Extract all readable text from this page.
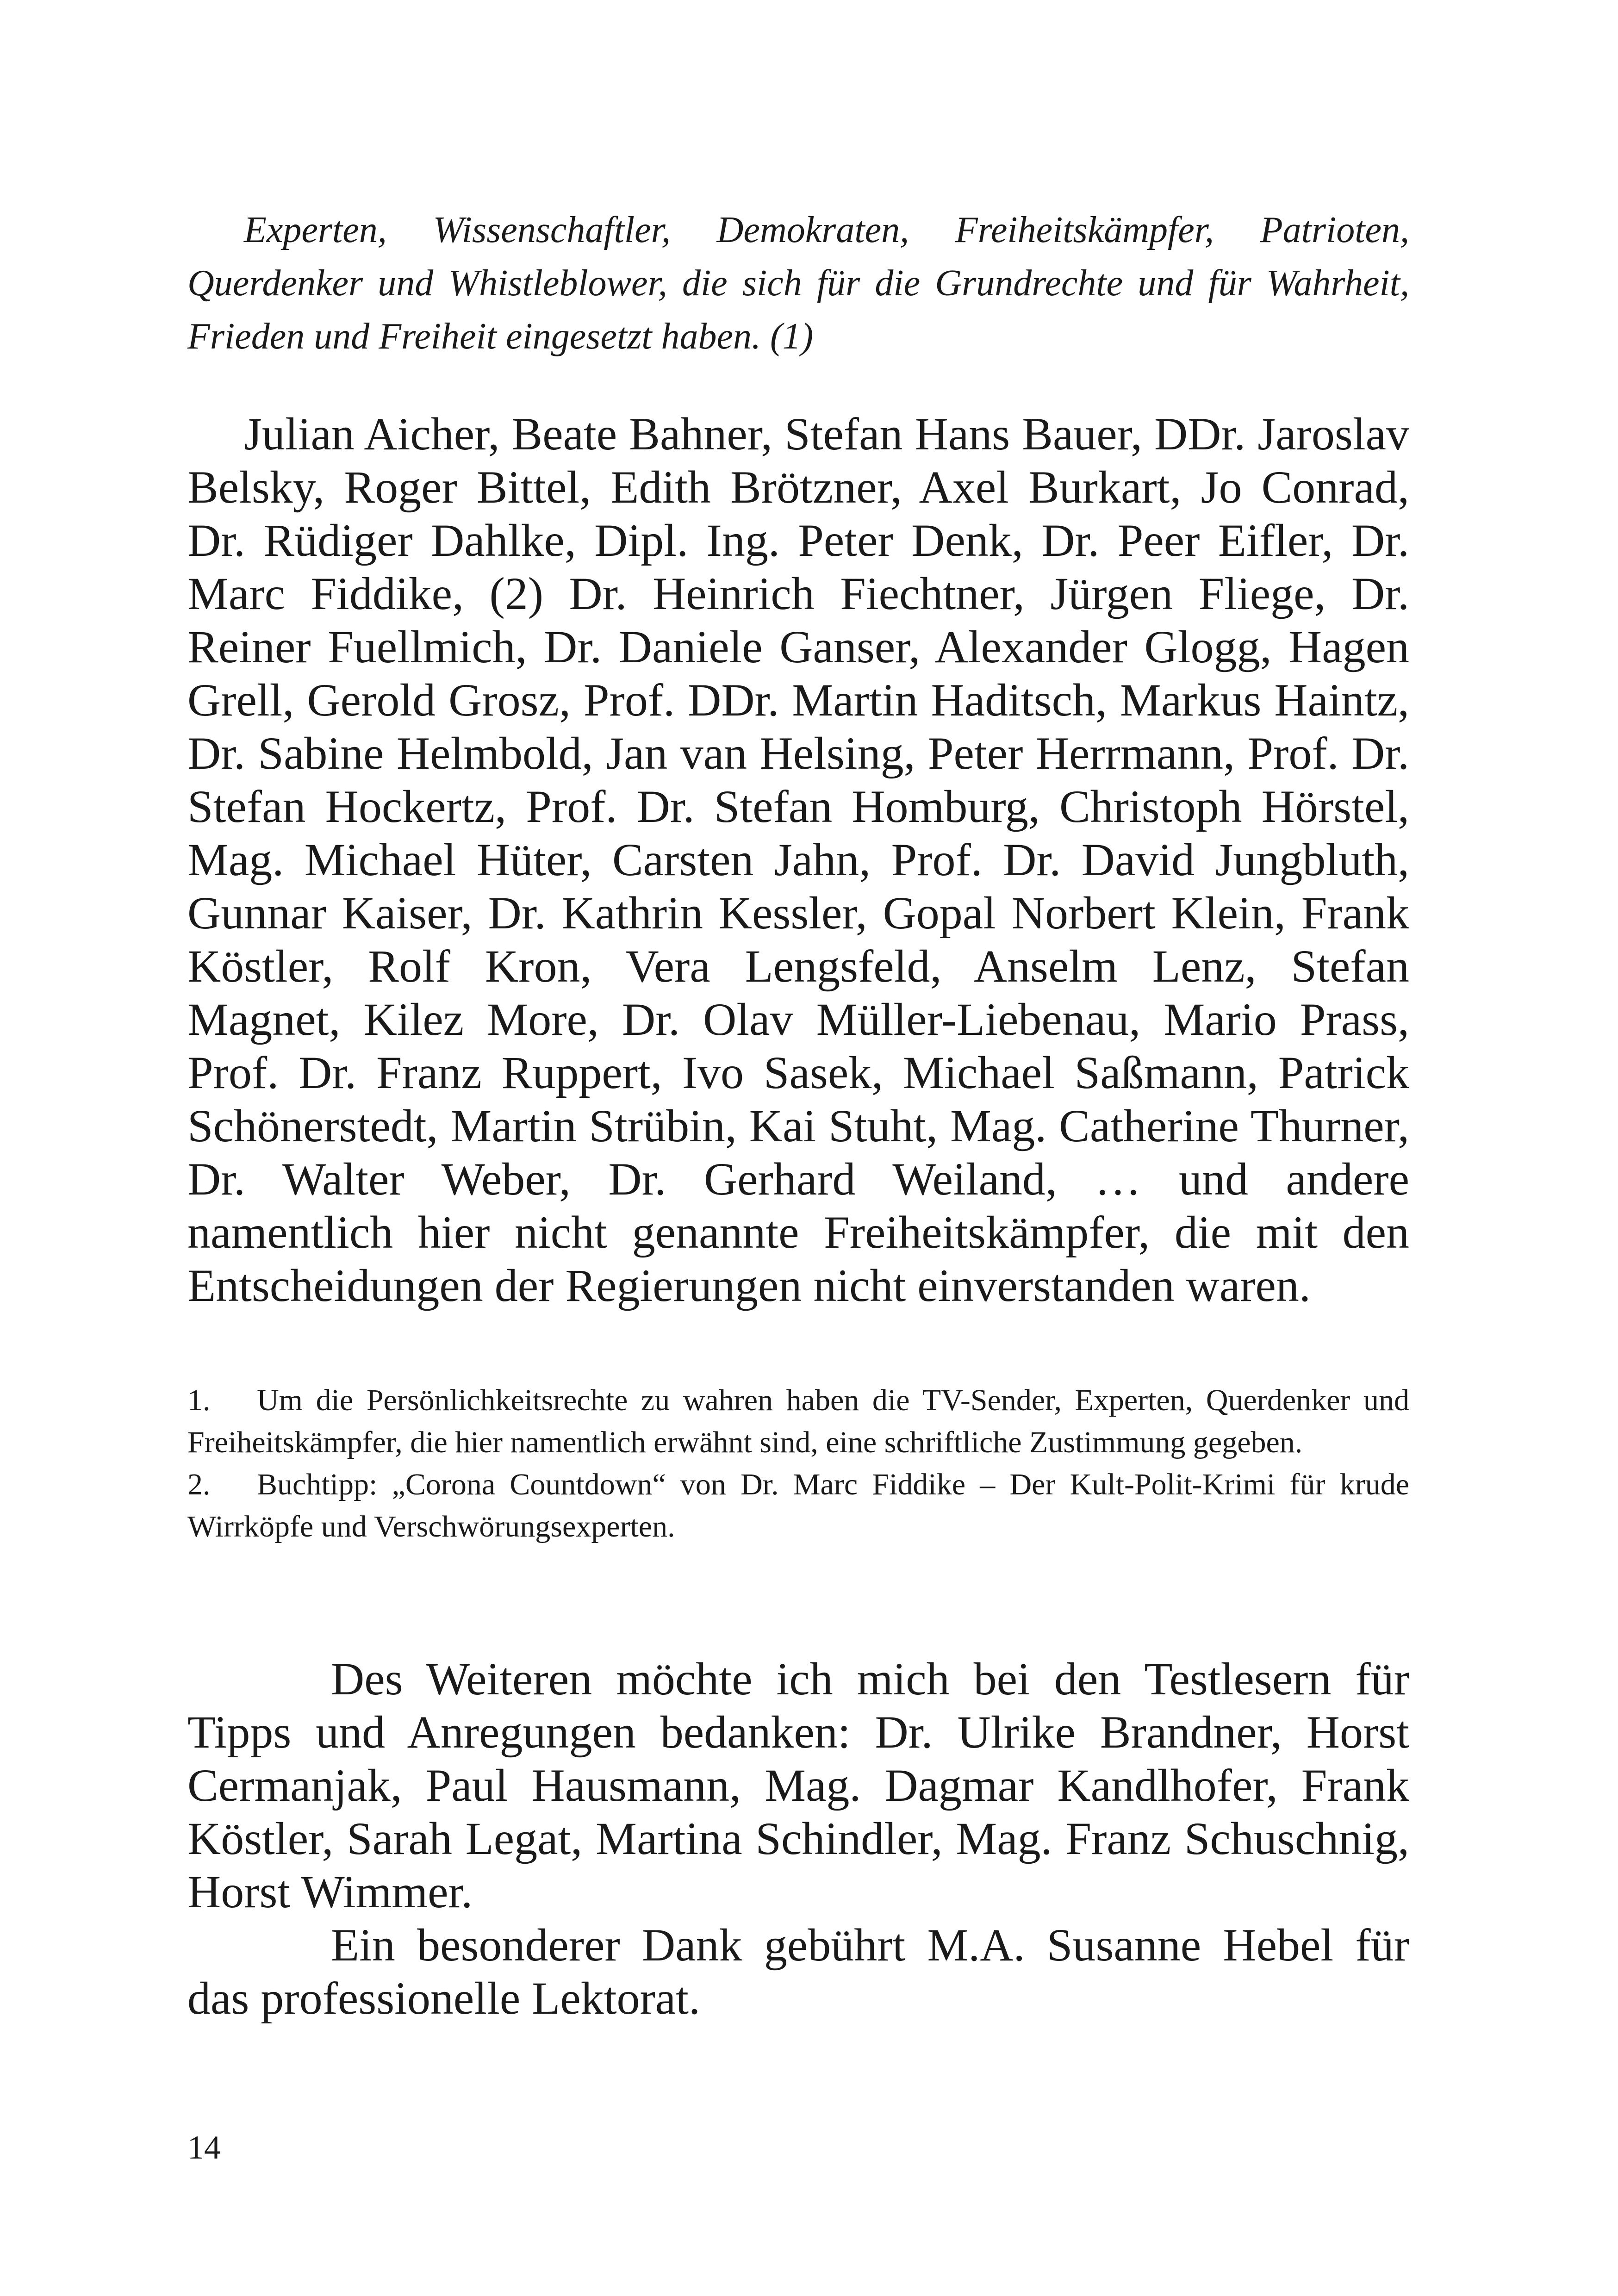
Experten, Wissenschaftler, Demokraten, Freiheitskämpfer, Patrioten, Querdenker und Whistleblower, die sich für die Grundrechte und für Wahrheit, Frieden und Freiheit eingesetzt haben. (1)

Julian Aicher, Beate Bahner, Stefan Hans Bauer, DDr. Jaroslav Belsky, Roger Bittel, Edith Brötzner, Axel Burkart, Jo Conrad, Dr. Rüdiger Dahlke, Dipl. Ing. Peter Denk, Dr. Peer Eifler, Dr. Marc Fiddike, (2) Dr. Heinrich Fiechtner, Jürgen Fliege, Dr. Reiner Fuellmich, Dr. Daniele Ganser, Alexander Glogg, Hagen Grell, Gerold Grosz, Prof. DDr. Martin Haditsch, Markus Haintz, Dr. Sabine Helmbold, Jan van Helsing, Peter Herrmann, Prof. Dr. Stefan Hockertz, Prof. Dr. Stefan Homburg, Christoph Hörstel, Mag. Michael Hüter, Carsten Jahn, Prof. Dr. David Jungbluth, Gunnar Kaiser, Dr. Kathrin Kessler, Gopal Norbert Klein, Frank Köstler, Rolf Kron, Vera Lengsfeld, Anselm Lenz, Stefan Magnet, Kilez More, Dr. Olav Müller-Liebenau, Mario Prass, Prof. Dr. Franz Ruppert, Ivo Sasek, Michael Saßmann, Patrick Schönerstedt, Martin Strübin, Kai Stuht, Mag. Catherine Thurner, Dr. Walter Weber, Dr. Gerhard Weiland, … und andere namentlich hier nicht genannte Freiheitskämpfer, die mit den Entscheidungen der Regierungen nicht einverstanden waren.

1. Um die Persönlichkeitsrechte zu wahren haben die TV-Sender, Experten, Querdenker und Freiheitskämpfer, die hier namentlich erwähnt sind, eine schriftliche Zustimmung gegeben.
2. Buchtipp: „Corona Countdown“ von Dr. Marc Fiddike – Der Kult-Polit-Krimi für krude Wirrköpfe und Verschwörungsexperten.

Des Weiteren möchte ich mich bei den Testlesern für Tipps und Anregungen bedanken: Dr. Ulrike Brandner, Horst Cermanjak, Paul Hausmann, Mag. Dagmar Kandlhofer, Frank Köstler, Sarah Legat, Martina Schindler, Mag. Franz Schuschnig, Horst Wimmer.

Ein besonderer Dank gebührt M.A. Susanne Hebel für das professionelle Lektorat.

14
